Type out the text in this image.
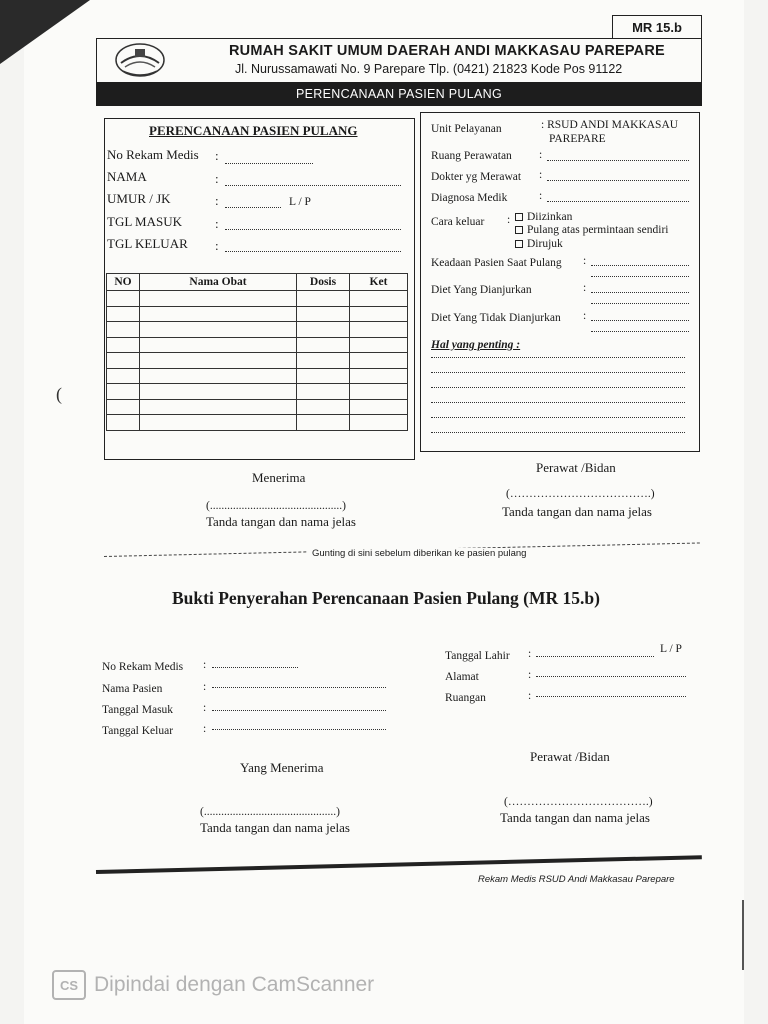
MR 15.b
RUMAH SAKIT UMUM DAERAH ANDI MAKKASAU PAREPARE
Jl. Nurussamawati No. 9 Parepare Tlp. (0421) 21823 Kode Pos 91122
PERENCANAAN PASIEN PULANG
PERENCANAAN PASIEN PULANG
No Rekam Medis :
NAMA	:
UMUR / JK	:	L / P
TGL MASUK	:
TGL KELUAR :
NO	Nama Obat	Dosis	Ket

Unit Pelayanan	: RSUD ANDI MAKKASAU
PAREPARE
Ruang Perawatan :
Dokter yg Merawat :
Diagnosa Medik	:
Cara keluar :	Diizinkan
Pulang atas permintaan sendiri
Dirujuk
Keadaan Pasien Saat Pulang :
Diet Yang Dianjurkan	:
Diet Yang Tidak Dianjurkan :
Hal yang penting :
Menerima
Perawat /Bidan
(..............................................)
(……………………………….)
Tanda tangan dan nama jelas
Tanda tangan dan nama jelas
Gunting di sini sebelum diberikan ke pasien pulang
Bukti Penyerahan Perencanaan Pasien Pulang (MR 15.b)
No Rekam Medis :
Nama Pasien	:
Tanggal Masuk	:
Tanggal Keluar	:
Tanggal Lahir :	L / P
Alamat	:
Ruangan	:
Yang Menerima
Perawat /Bidan
(..............................................)
(……………………………….)
Tanda tangan dan nama jelas
Tanda tangan dan nama jelas
Rekam Medis RSUD Andi Makkasau Parepare
(
CS Dipindai dengan CamScanner
